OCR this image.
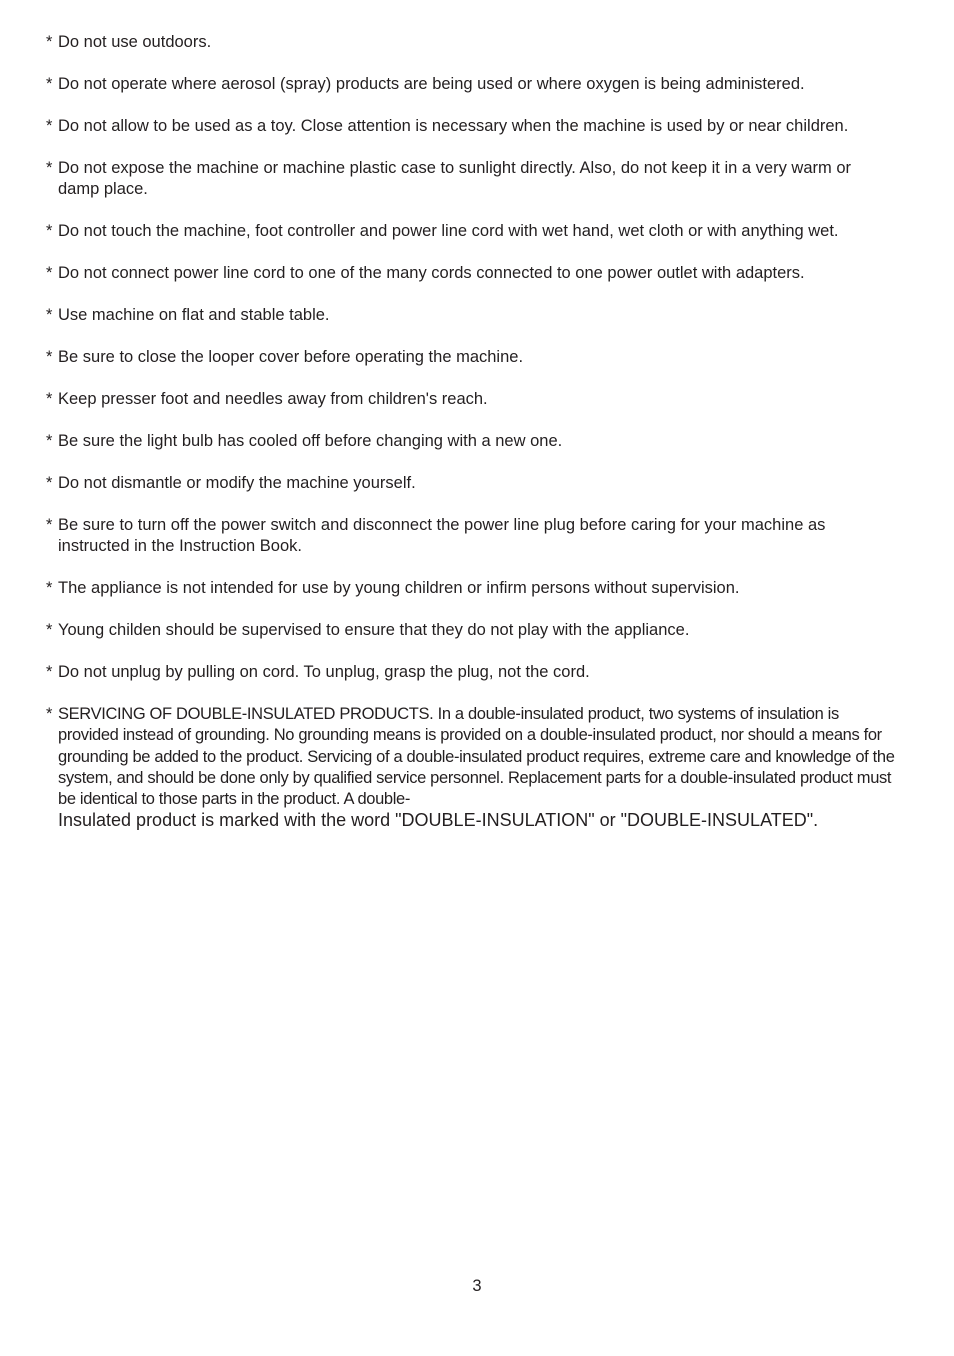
* Do not use outdoors.
* Do not operate where aerosol (spray) products are being used or where oxygen is being administered.
* Do not allow to be used as a toy. Close attention is necessary when the machine is used by or near children.
* Do not expose the machine or machine plastic case to sunlight directly. Also, do not keep it in a very warm or damp place.
* Do not touch the machine, foot controller and power line cord with wet hand, wet cloth or with anything wet.
* Do not connect power line cord to one of the many cords connected to one power outlet with adapters.
* Use machine on flat and stable table.
* Be sure to close the looper cover before operating the machine.
* Keep presser foot and needles away from children's reach.
* Be sure the light bulb has cooled off before changing with a new one.
* Do not dismantle or modify the machine yourself.
* Be sure to turn off the power switch and disconnect the power line plug before caring for your machine as instructed in the Instruction Book.
* The appliance is not intended for use by young children or infirm persons without supervision.
* Young childen should be supervised to ensure that they do not play with the appliance.
* Do not unplug by pulling on cord. To unplug, grasp the plug, not the cord.
* SERVICING OF DOUBLE-INSULATED PRODUCTS. In a double-insulated product, two systems of insulation is provided instead of grounding. No grounding means is provided on a double-insulated product, nor should a means for grounding be added to the product. Servicing of a double-insulated product requires, extreme care and knowledge of the system, and should be done only by qualified service personnel. Replacement parts for a double-insulated product must be identical to those parts in the product. A double-
Insulated product is marked with the word "DOUBLE-INSULATION" or "DOUBLE-INSULATED".
3
